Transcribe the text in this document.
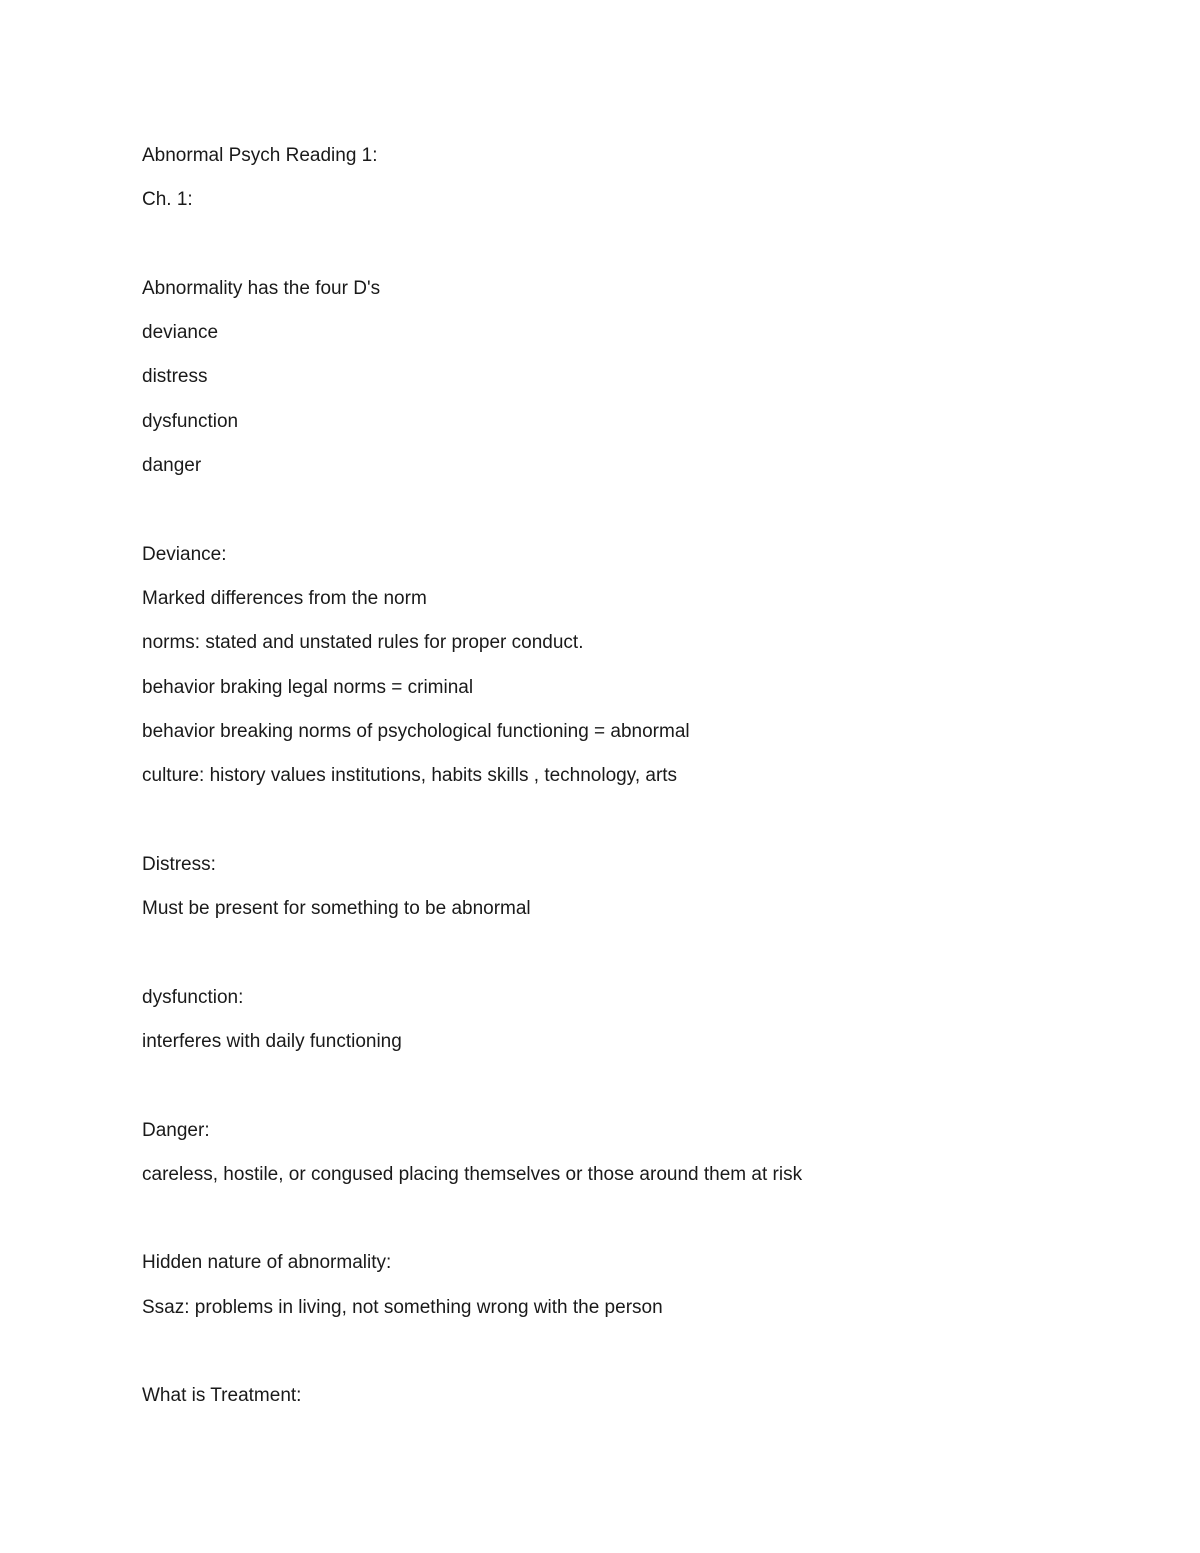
Abnormal Psych Reading 1:
Ch. 1:
Abnormality has the four D's
deviance
distress
dysfunction
danger
Deviance:
Marked differences from the norm
norms: stated and unstated rules for proper conduct.
behavior braking legal norms = criminal
behavior breaking norms of psychological functioning = abnormal
culture: history values institutions, habits skills , technology, arts
Distress:
Must be present for something to be abnormal
dysfunction:
interferes with daily functioning
Danger:
careless, hostile, or congused placing themselves or those around them at risk
Hidden nature of abnormality:
Ssaz: problems in living, not something wrong with the person
What is Treatment:
